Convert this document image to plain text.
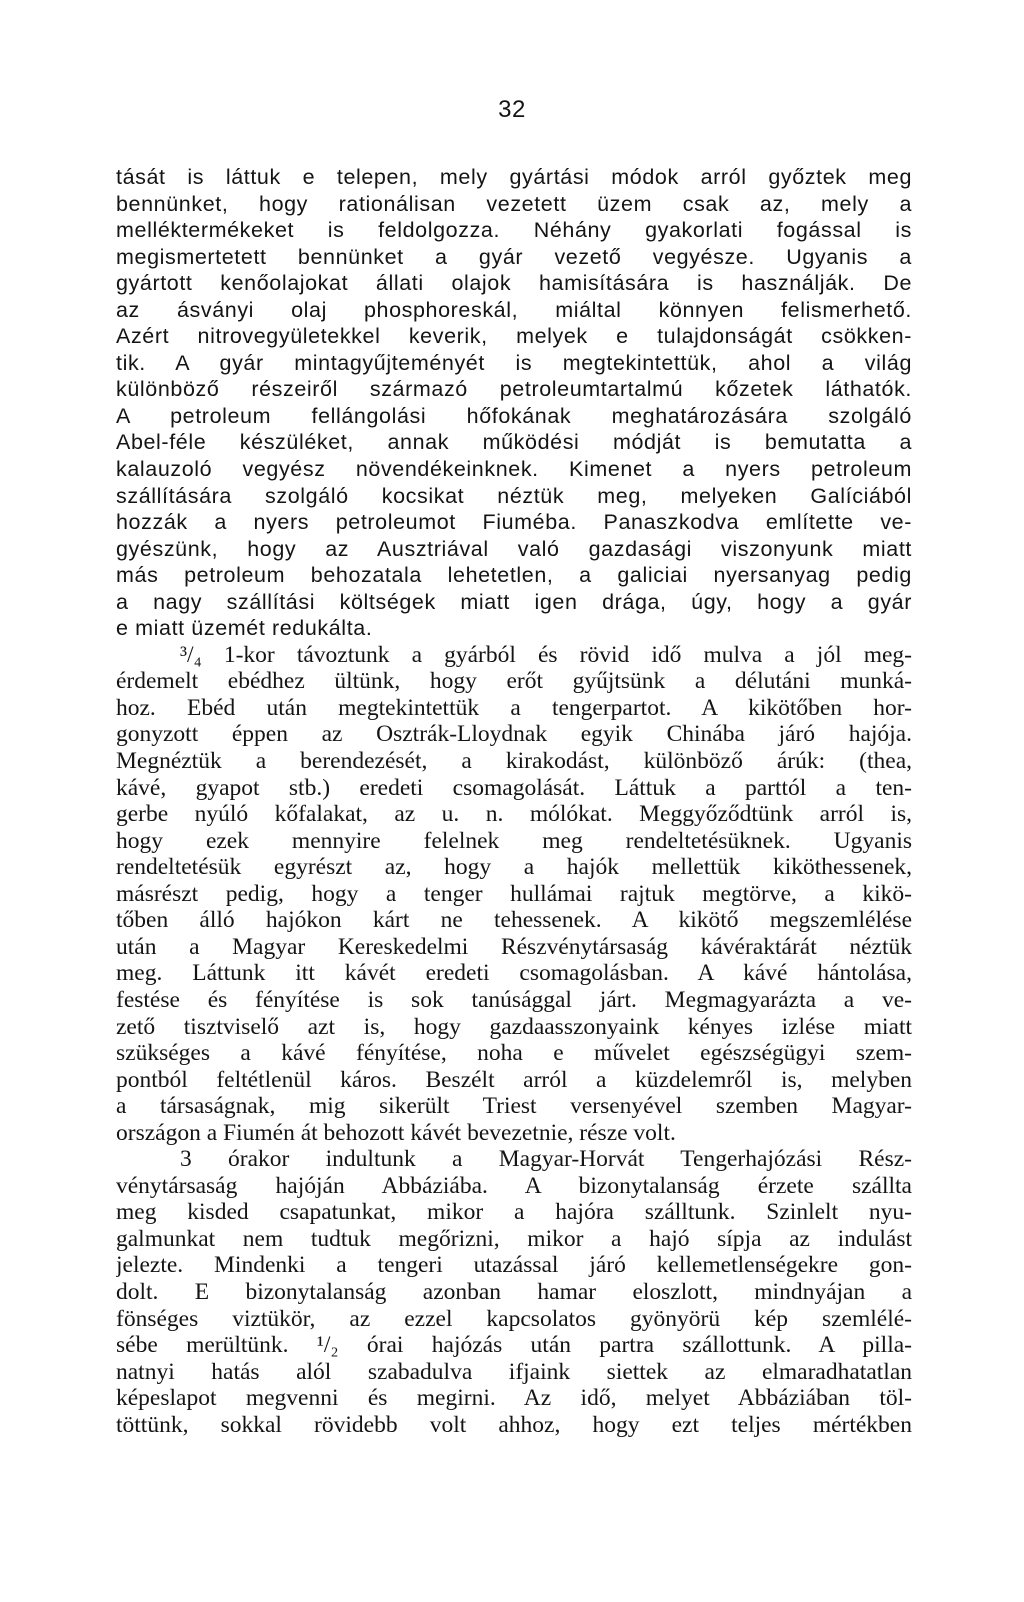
32
tását is láttuk e telepen, mely gyártási módok arról győztek meg
bennünket, hogy rationálisan vezetett üzem csak az, mely a
melléktermékeket is feldolgozza. Néhány gyakorlati fogással is
megismertetett bennünket a gyár vezető vegyésze. Ugyanis a
gyártott kenőolajokat állati olajok hamisítására is használják. De
az ásványi olaj phosphoreskál, miáltal könnyen felismerhető.
Azért nitrovegyületekkel keverik, melyek e tulajdonságát csökken-
tik. A gyár mintagyűjteményét is megtekintettük, ahol a világ
különböző részeiről származó petroleumtartalmú kőzetek láthatók.
A petroleum fellángolási hőfokának meghatározására szolgáló
Abel-féle készüléket, annak működési módját is bemutatta a
kalauzoló vegyész növendékeinknek. Kimenet a nyers petroleum
szállítására szolgáló kocsikat néztük meg, melyeken Galíciából
hozzák a nyers petroleumot Fiuméba. Panaszkodva említette ve-
gyészünk, hogy az Ausztriával való gazdasági viszonyunk miatt
más petroleum behozatala lehetetlen, a galiciai nyersanyag pedig
a nagy szállítási költségek miatt igen drága, úgy, hogy a gyár
e miatt üzemét redukálta.
³/₄ 1-kor távoztunk a gyárból és rövid idő mulva a jól meg-
érdemelt ebédhez ültünk, hogy erőt gyűjtsünk a délutáni munká-
hoz. Ebéd után megtekintettük a tengerpartot. A kikötőben hor-
gonyzott éppen az Osztrák-Lloydnak egyik Chinába járó hajója.
Megnéztük a berendezését, a kirakodást, különböző árúk: (thea,
kávé, gyapot stb.) eredeti csomagolását. Láttuk a parttól a ten-
gerbe nyúló kőfalakat, az u. n. mólókat. Meggyőződtünk arról is,
hogy ezek mennyire felelnek meg rendeltetésüknek. Ugyanis
rendeltetésük egyrészt az, hogy a hajók mellettük kiköthessenek,
másrészt pedig, hogy a tenger hullámai rajtuk megtörve, a kikö-
tőben álló hajókon kárt ne tehessenek. A kikötő megszemlélése
után a Magyar Kereskedelmi Részvénytársaság kávéraktárát néztük
meg. Láttunk itt kávét eredeti csomagolásban. A kávé hántolása,
festése és fényítése is sok tanúsággal járt. Megmagyarázta a ve-
zető tisztviselő azt is, hogy gazdaasszonyaink kényes izlése miatt
szükséges a kávé fényítése, noha e művelet egészségügyi szem-
pontból feltétlenül káros. Beszélt arról a küzdelemről is, melyben
a társaságnak, mig sikerült Triest versenyével szemben Magyar-
országon a Fiumén át behozott kávét bevezetnie, része volt.
3 órakor indultunk a Magyar-Horvát Tengerhajózási Rész-
vénytársaság hajóján Abbáziába. A bizonytalanság érzete szállta
meg kisded csapatunkat, mikor a hajóra szálltunk. Szinlelt nyu-
galmunkat nem tudtuk megőrizni, mikor a hajó sípja az indulást
jelezte. Mindenki a tengeri utazással járó kellemetlenségekre gon-
dolt. E bizonytalanság azonban hamar eloszlott, mindnyájan a
fönséges viztükör, az ezzel kapcsolatos gyönyörü kép szemlélé-
sébe merültünk. ¹/₂ órai hajózás után partra szállottunk. A pilla-
natnyi hatás alól szabadulva ifjaink siettek az elmaradhatatlan
képeslapot megvenni és megirni. Az idő, melyet Abbáziában töl-
töttünk, sokkal rövidebb volt ahhoz, hogy ezt teljes mértékben
